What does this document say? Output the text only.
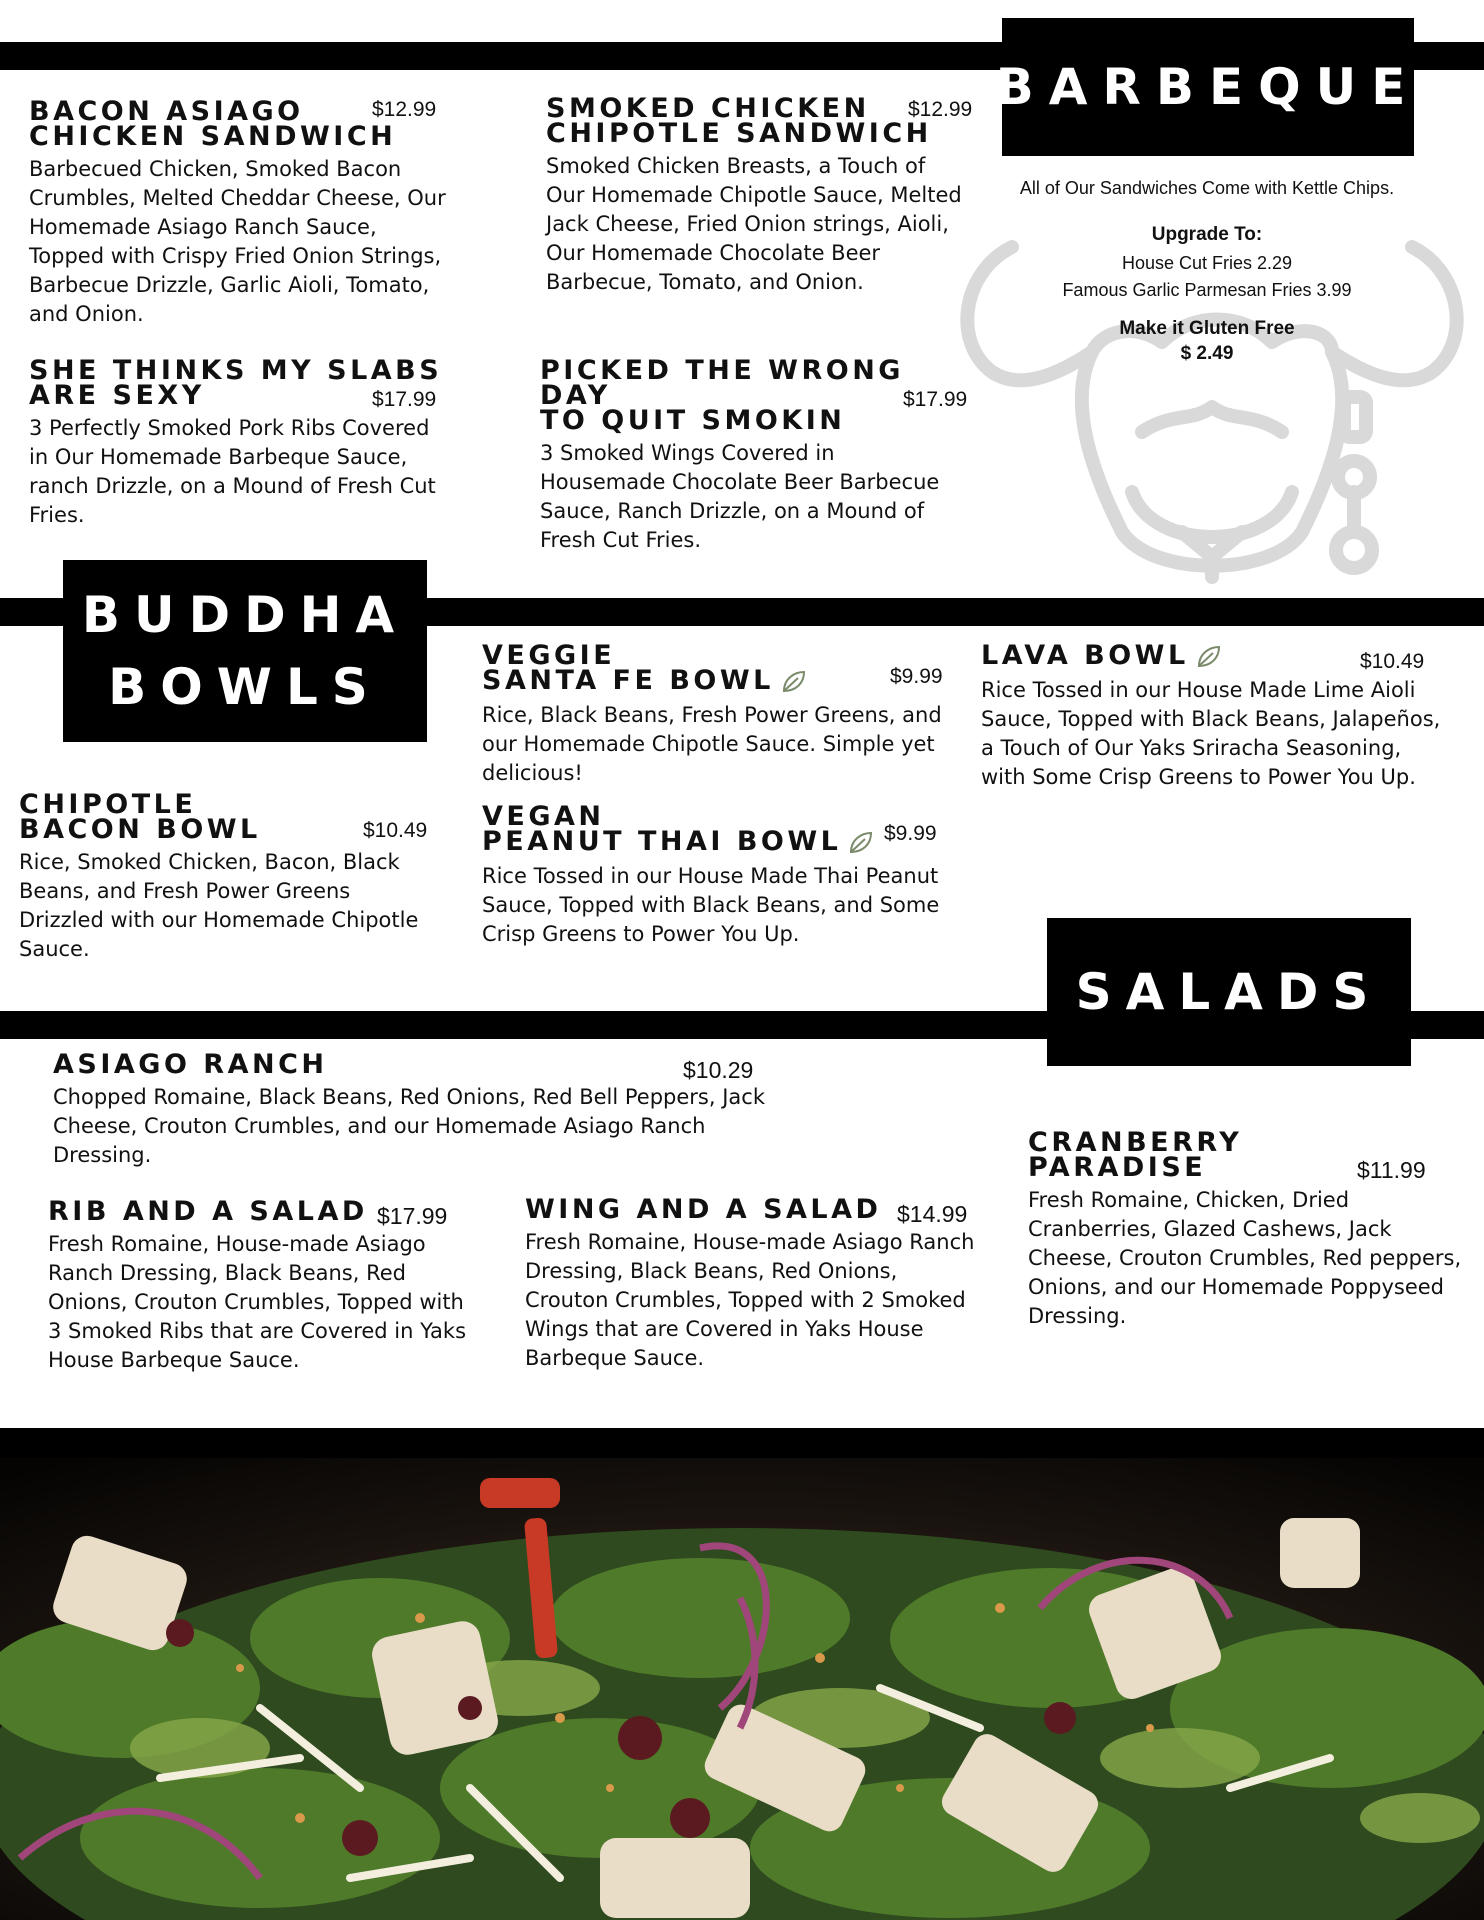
BARBEQUE
All of Our Sandwiches Come with Kettle Chips.
Upgrade To:
House Cut Fries 2.29
Famous Garlic Parmesan Fries 3.99
Make it Gluten Free
$ 2.49
BACON ASIAGO
CHICKEN SANDWICH
Barbecued Chicken, Smoked Bacon Crumbles, Melted Cheddar Cheese, Our Homemade Asiago Ranch Sauce, Topped with Crispy Fried Onion Strings, Barbecue Drizzle, Garlic Aioli, Tomato, and Onion.
$12.99	SMOKED CHICKEN
CHIPOTLE SANDWICH
Smoked Chicken Breasts, a Touch of Our Homemade Chipotle Sauce, Melted Jack Cheese, Fried Onion strings, Aioli, Our Homemade Chocolate Beer Barbecue, Tomato, and Onion.
$12.99
SHE THINKS MY SLABS
ARE SEXY
3 Perfectly Smoked Pork Ribs Covered in Our Homemade Barbeque Sauce, ranch Drizzle, on a Mound of Fresh Cut Fries.
$17.99
PICKED THE WRONG DAY
TO QUIT SMOKIN
3 Smoked Wings Covered in Housemade Chocolate Beer Barbecue Sauce, Ranch Drizzle, on a Mound of Fresh Cut Fries.
$17.99
BUDDHA
BOWLS
VEGGIE
SANTA FE BOWL
Rice, Black Beans, Fresh Power Greens, and our Homemade Chipotle Sauce. Simple yet delicious!
$9.99
LAVA BOWL
Rice Tossed in our House Made Lime Aioli Sauce, Topped with Black Beans, Jalapeños, a Touch of Our Yaks Sriracha Seasoning, with Some Crisp Greens to Power You Up.
$10.49
CHIPOTLE
BACON BOWL
Rice, Smoked Chicken, Bacon, Black Beans, and Fresh Power Greens Drizzled with our Homemade Chipotle Sauce.
$10.49 VEGAN
PEANUT THAI BOWL
Rice Tossed in our House Made Thai Peanut Sauce, Topped with Black Beans, and Some Crisp Greens to Power You Up.
$9.99
SALADS
ASIAGO RANCH
Chopped Romaine, Black Beans, Red Onions, Red Bell Peppers, Jack Cheese, Crouton Crumbles, and our Homemade Asiago Ranch Dressing.
$10.29
CRANBERRY
PARADISE
Fresh Romaine, Chicken, Dried Cranberries, Glazed Cashews, Jack Cheese, Crouton Crumbles, Red peppers, Onions, and our Homemade Poppyseed Dressing.
$11.99
RIB AND A SALAD
Fresh Romaine, House-made Asiago Ranch Dressing, Black Beans, Red Onions, Crouton Crumbles, Topped with 3 Smoked Ribs that are Covered in Yaks House Barbeque Sauce.
$17.99	WING AND A SALAD
Fresh Romaine, House-made Asiago Ranch Dressing, Black Beans, Red Onions, Crouton Crumbles, Topped with 2 Smoked Wings that are Covered in Yaks House Barbeque Sauce.
$14.99
